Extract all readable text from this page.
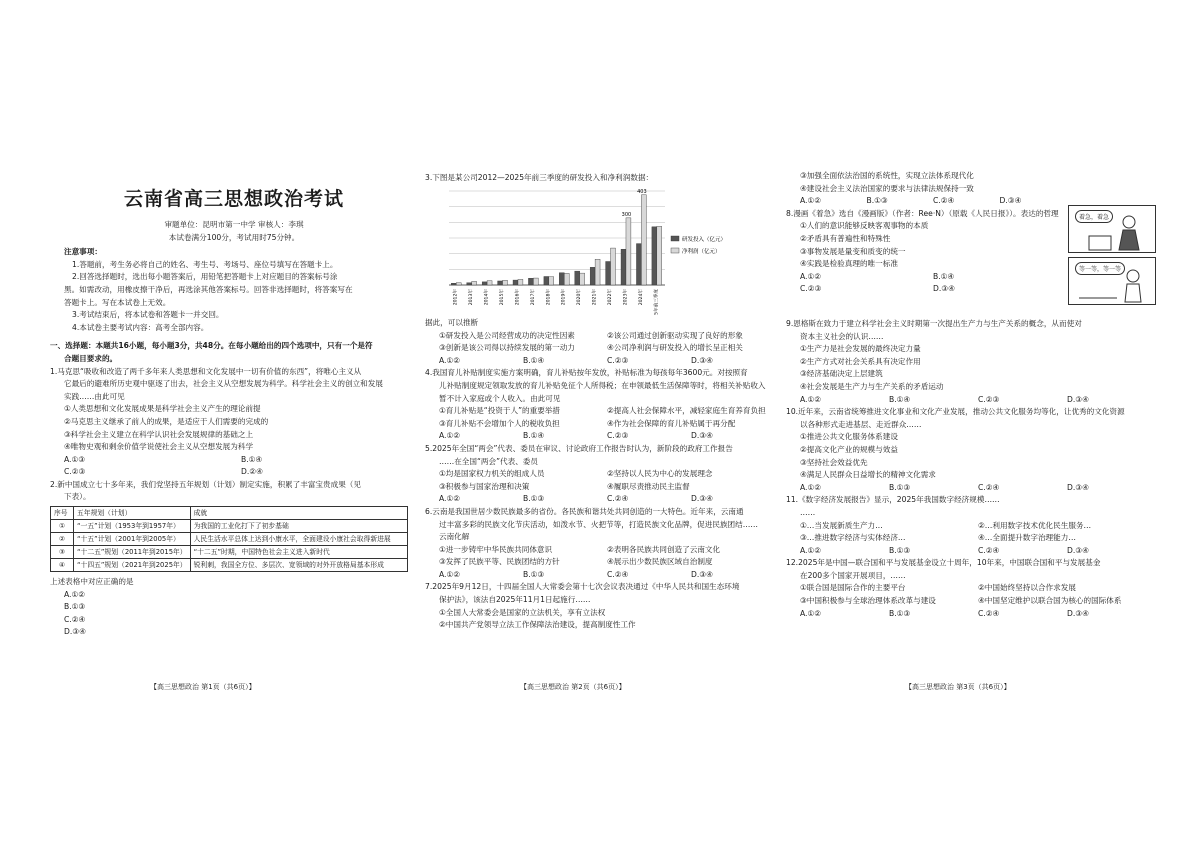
云南省高三思想政治考试
审题单位：昆明市第一中学 审核人：李琪
本试卷满分100分，考试用时75分钟。
注意事项：
1.答题前，考生务必将自己的姓名、考生号、考场号、座位号填写在答题卡上。
2.回答选择题时，选出每小题答案后，用铅笔把答题卡上对应题目的答案标号涂
黑。如需改动，用橡皮擦干净后，再选涂其他答案标号。回答非选择题时，将答案写在
答题卡上。写在本试卷上无效。
3.考试结束后，将本试卷和答题卡一并交回。
4.本试卷主要考试内容：高考全部内容。
一、选择题：本题共16小题，每小题3分，共48分。在每小题给出的四个选项中，只有一个是符
合题目要求的。
1.马克思“吸收和改造了两千多年来人类思想和文化发展中一切有价值的东西”，将唯心主义从
它最后的避难所历史观中驱逐了出去，社会主义从空想发展为科学。科学社会主义的创立和发展
实践……由此可见
①人类思想和文化发展成果是科学社会主义产生的理论前提
②马克思主义继承了前人的成果，是适应于人们需要的完成的
③科学社会主义建立在科学认识社会发展规律的基础之上
④唯物史观和剩余价值学说使社会主义从空想发展为科学
A.①③	B.①④
C.②③	D.②④
2.新中国成立七十多年来，我们党坚持五年规划（计划）制定实施，积累了丰富宝贵成果（见
下表）。
序号	五年规划（计划）	成就
①	“一五”计划（1953年到1957年）	为我国的工业化打下了初步基础
②	“十五”计划（2001年到2005年）	人民生活水平总体上达到小康水平，全面建设小康社会取得新进展
③	“十二五”规划（2011年到2015年）	“十二五”时期，中国特色社会主义进入新时代
④	“十四五”规划（2021年到2025年）	锐利刺，我国全方位、多层次、宽领域的对外开放格局基本形成
上述表格中对应正确的是
A.①②
B.①③
C.②④
D.③④
【高三思想政治 第1页（共6页）】
3.下图是某公司2012—2025年前三季度的研发投入和净利润数据：
300
403
2012年	2013年	2014年	2015年	2016年	2017年	2018年	2019年	2020年	2021年	2022年	2023年	2024年	2025年前三季度
研发投入（亿元）
净利润（亿元）
据此，可以推断
①研发投入是公司经营成功的决定性因素	②该公司通过创新驱动实现了良好的形象
③创新是该公司得以持续发展的第一动力	④公司净利润与研发投入的增长呈正相关
A.①②	B.①④	C.②③	D.③④
4.我国育儿补贴制度实施方案明确，育儿补贴按年发放，补贴标准为每孩每年3600元。对按照育
儿补贴制度规定领取发放的育儿补贴免征个人所得税；在申领最低生活保障等时，将相关补贴收入
暂不计入家庭或个人收入。由此可见
①育儿补贴是“投资于人”的重要举措	②提高人社会保障水平，减轻家庭生育养育负担
③育儿补贴不会增加个人的税收负担	④作为社会保障的育儿补贴属于再分配
A.①②	B.①④	C.②③	D.③④
5.2025年全国“两会”代表、委员在审议、讨论政府工作报告时认为，新阶段的政府工作报告
……在全国“两会”代表、委员
①均是国家权力机关的组成人员	②坚持以人民为中心的发展理念
③积极参与国家治理和决策	④履职尽责推动民主监督
A.①②	B.①③	C.②④	D.③④
6.云南是我国世居少数民族最多的省份。各民族和谐共处共同创造的一大特色。近年来，云南通
过丰富多彩的民族文化节庆活动，如泼水节、火把节等，打造民族文化品牌，促进民族团结……
云南化解
①进一步铸牢中华民族共同体意识	②表明各民族共同创造了云南文化
③发挥了民族平等、民族团结的方针	④展示出少数民族区域自治制度
A.①②	B.①③	C.②④	D.③④
7.2025年9月12日，十四届全国人大常委会第十七次会议表决通过《中华人民共和国生态环境
保护法》，该法自2025年11月1日起施行……
①全国人大常委会是国家的立法机关，享有立法权
②中国共产党领导立法工作保障法治建设，提高制度性工作
【高三思想政治 第2页（共6页）】
③加强全面依法治国的系统性，实现立法体系现代化
④建设社会主义法治国家的要求与法律法规保持一致
A.①②	B.①③	C.②④	D.③④
8.漫画《着急》选自《漫画版》（作者：Ree·N）（原载《人民日报》）。表达的哲理
①人们的意识能够反映客观事物的本质
②矛盾具有普遍性和特殊性
③事物发展是量变和质变的统一
④实践是检验真理的唯一标准
A.①②	B.①④
C.②③	D.③④
9.恩格斯在致力于建立科学社会主义时期第一次提出生产力与生产关系的概念，从而使对
资本主义社会的认识……
①生产力是社会发展的最终决定力量
②生产方式对社会关系具有决定作用
③经济基础决定上层建筑
④社会发展是生产力与生产关系的矛盾运动
A.①②	B.①④	C.②③	D.③④
10.近年来，云南省统筹推进文化事业和文化产业发展，推动公共文化服务均等化，让优秀的文化资源
以各种形式走进基层、走近群众……
①推进公共文化服务体系建设
②提高文化产业的规模与效益
③坚持社会效益优先
④满足人民群众日益增长的精神文化需求
A.①②	B.①③	C.②④	D.③④
11.《数字经济发展报告》显示，2025年我国数字经济规模……
……
①…当发展新质生产力…	②…利用数字技术优化民生服务…
③…推进数字经济与实体经济…	④…全面提升数字治理能力…
A.①②	B.①③	C.②④	D.③④
12.2025年是中国—联合国和平与发展基金设立十周年，10年来，中国联合国和平与发展基金
在200多个国家开展项目，……
①联合国是国际合作的主要平台	②中国始终坚持以合作求发展
③中国积极参与全球治理体系改革与建设	④中国坚定维护以联合国为核心的国际体系
A.①②	B.①③	C.②④	D.③④
着急，着急
等一等，等一等
【高三思想政治 第3页（共6页）】
